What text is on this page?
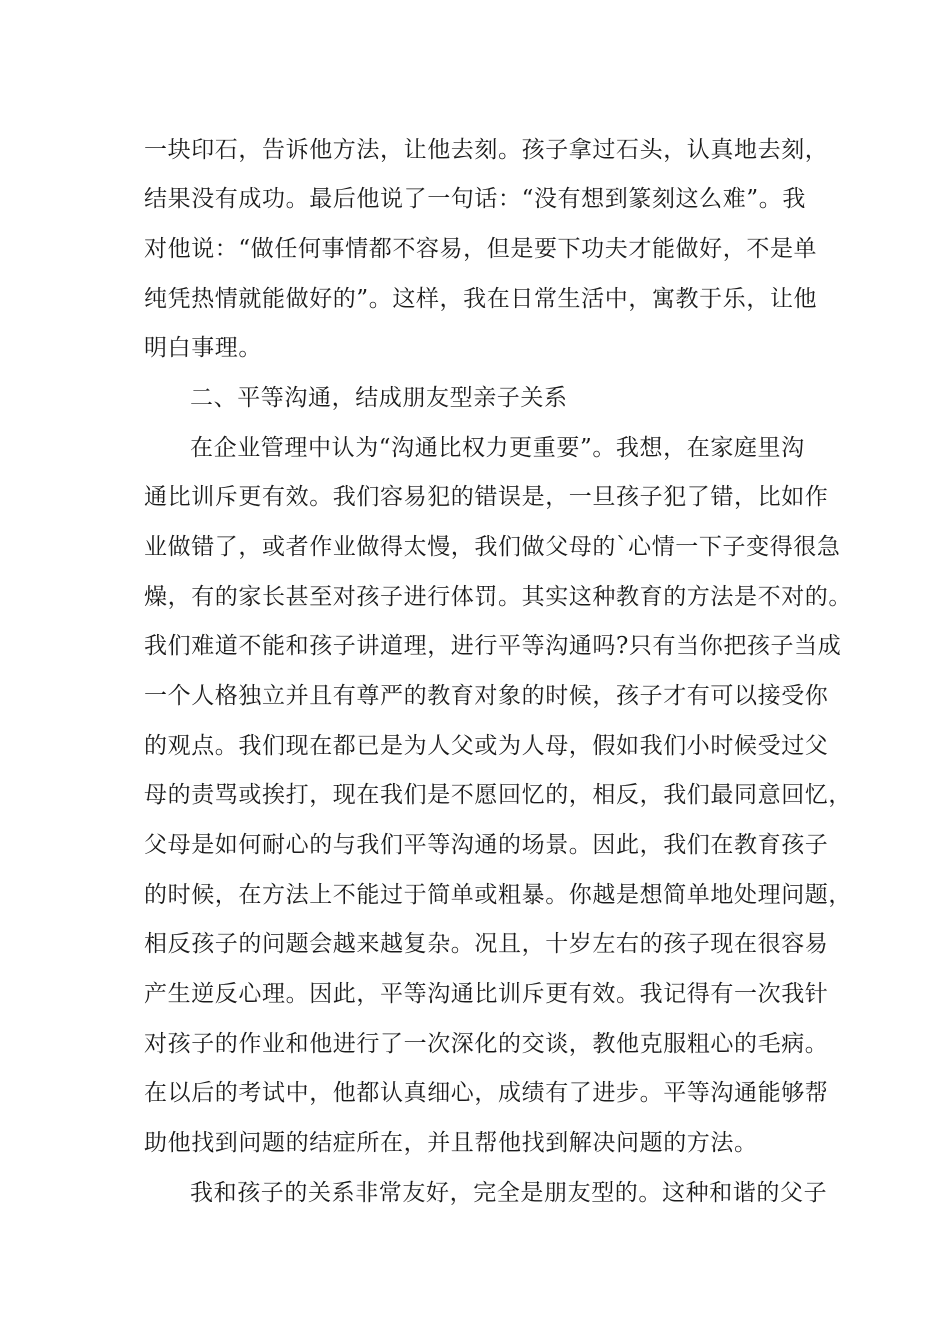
一块印石，告诉他方法，让他去刻。孩子拿过石头，认真地去刻，
结果没有成功。最后他说了一句话：“没有想到篆刻这么难”。我
对他说：“做任何事情都不容易，但是要下功夫才能做好，不是单
纯凭热情就能做好的”。这样，我在日常生活中，寓教于乐，让他
明白事理。
二、平等沟通，结成朋友型亲子关系
在企业管理中认为“沟通比权力更重要”。我想，在家庭里沟
通比训斥更有效。我们容易犯的错误是，一旦孩子犯了错，比如作
业做错了，或者作业做得太慢，我们做父母的`心情一下子变得很急
燥，有的家长甚至对孩子进行体罚。其实这种教育的方法是不对的。
我们难道不能和孩子讲道理，进行平等沟通吗?只有当你把孩子当成
一个人格独立并且有尊严的教育对象的时候，孩子才有可以接受你
的观点。我们现在都已是为人父或为人母，假如我们小时候受过父
母的责骂或挨打，现在我们是不愿回忆的，相反，我们最同意回忆，
父母是如何耐心的与我们平等沟通的场景。因此，我们在教育孩子
的时候，在方法上不能过于简单或粗暴。你越是想简单地处理问题，
相反孩子的问题会越来越复杂。况且，十岁左右的孩子现在很容易
产生逆反心理。因此，平等沟通比训斥更有效。我记得有一次我针
对孩子的作业和他进行了一次深化的交谈，教他克服粗心的毛病。
在以后的考试中，他都认真细心，成绩有了进步。平等沟通能够帮
助他找到问题的结症所在，并且帮他找到解决问题的方法。
我和孩子的关系非常友好，完全是朋友型的。这种和谐的父子
